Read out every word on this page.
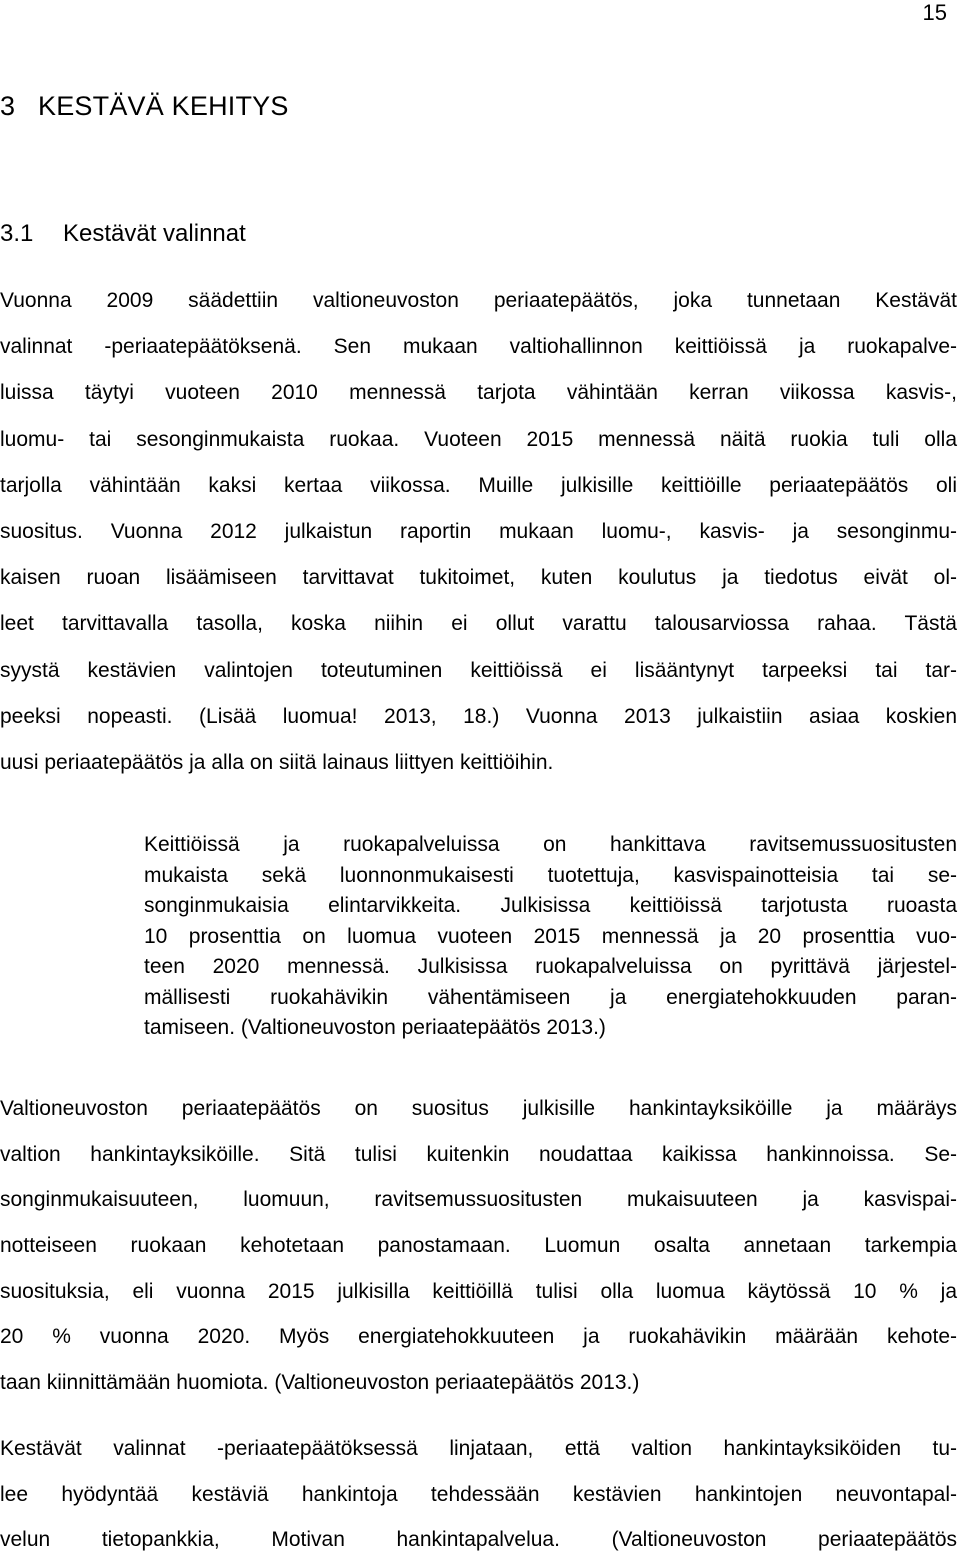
15
3 KESTÄVÄ KEHITYS
3.1 Kestävät valinnat

Vuonna 2009 säädettiin valtioneuvoston periaatepäätös, joka tunnetaan Kestävät
valinnat -periaatepäätöksenä. Sen mukaan valtiohallinnon keittiöissä ja ruokapalve-
luissa täytyi vuoteen 2010 mennessä tarjota vähintään kerran viikossa kasvis-,
luomu- tai sesonginmukaista ruokaa. Vuoteen 2015 mennessä näitä ruokia tuli olla
tarjolla vähintään kaksi kertaa viikossa. Muille julkisille keittiöille periaatepäätös oli
suositus. Vuonna 2012 julkaistun raportin mukaan luomu-, kasvis- ja sesonginmu-
kaisen ruoan lisäämiseen tarvittavat tukitoimet, kuten koulutus ja tiedotus eivät ol-
leet tarvittavalla tasolla, koska niihin ei ollut varattu talousarviossa rahaa. Tästä
syystä kestävien valintojen toteutuminen keittiöissä ei lisääntynyt tarpeeksi tai tar-
peeksi nopeasti. (Lisää luomua! 2013, 18.) Vuonna 2013 julkaistiin asiaa koskien
uusi periaatepäätös ja alla on siitä lainaus liittyen keittiöihin.

Keittiöissä ja ruokapalveluissa on hankittava ravitsemussuositusten
mukaista sekä luonnonmukaisesti tuotettuja, kasvispainotteisia tai se-
songinmukaisia elintarvikkeita. Julkisissa keittiöissä tarjotusta ruoasta
10 prosenttia on luomua vuoteen 2015 mennessä ja 20 prosenttia vuo-
teen 2020 mennessä. Julkisissa ruokapalveluissa on pyrittävä järjestel-
mällisesti ruokahävikin vähentämiseen ja energiatehokkuuden paran-
tamiseen. (Valtioneuvoston periaatepäätös 2013.)

Valtioneuvoston periaatepäätös on suositus julkisille hankintayksiköille ja määräys
valtion hankintayksiköille. Sitä tulisi kuitenkin noudattaa kaikissa hankinnoissa. Se-
songinmukaisuuteen, luomuun, ravitsemussuositusten mukaisuuteen ja kasvispai-
notteiseen ruokaan kehotetaan panostamaan. Luomun osalta annetaan tarkempia
suosituksia, eli vuonna 2015 julkisilla keittiöillä tulisi olla luomua käytössä 10 % ja
20 % vuonna 2020. Myös energiatehokkuuteen ja ruokahävikin määrään kehote-
taan kiinnittämään huomiota. (Valtioneuvoston periaatepäätös 2013.)

Kestävät valinnat -periaatepäätöksessä linjataan, että valtion hankintayksiköiden tu-
lee hyödyntää kestäviä hankintoja tehdessään kestävien hankintojen neuvontapal-
velun tietopankkia, Motivan hankintapalvelua. (Valtioneuvoston periaatepäätös
